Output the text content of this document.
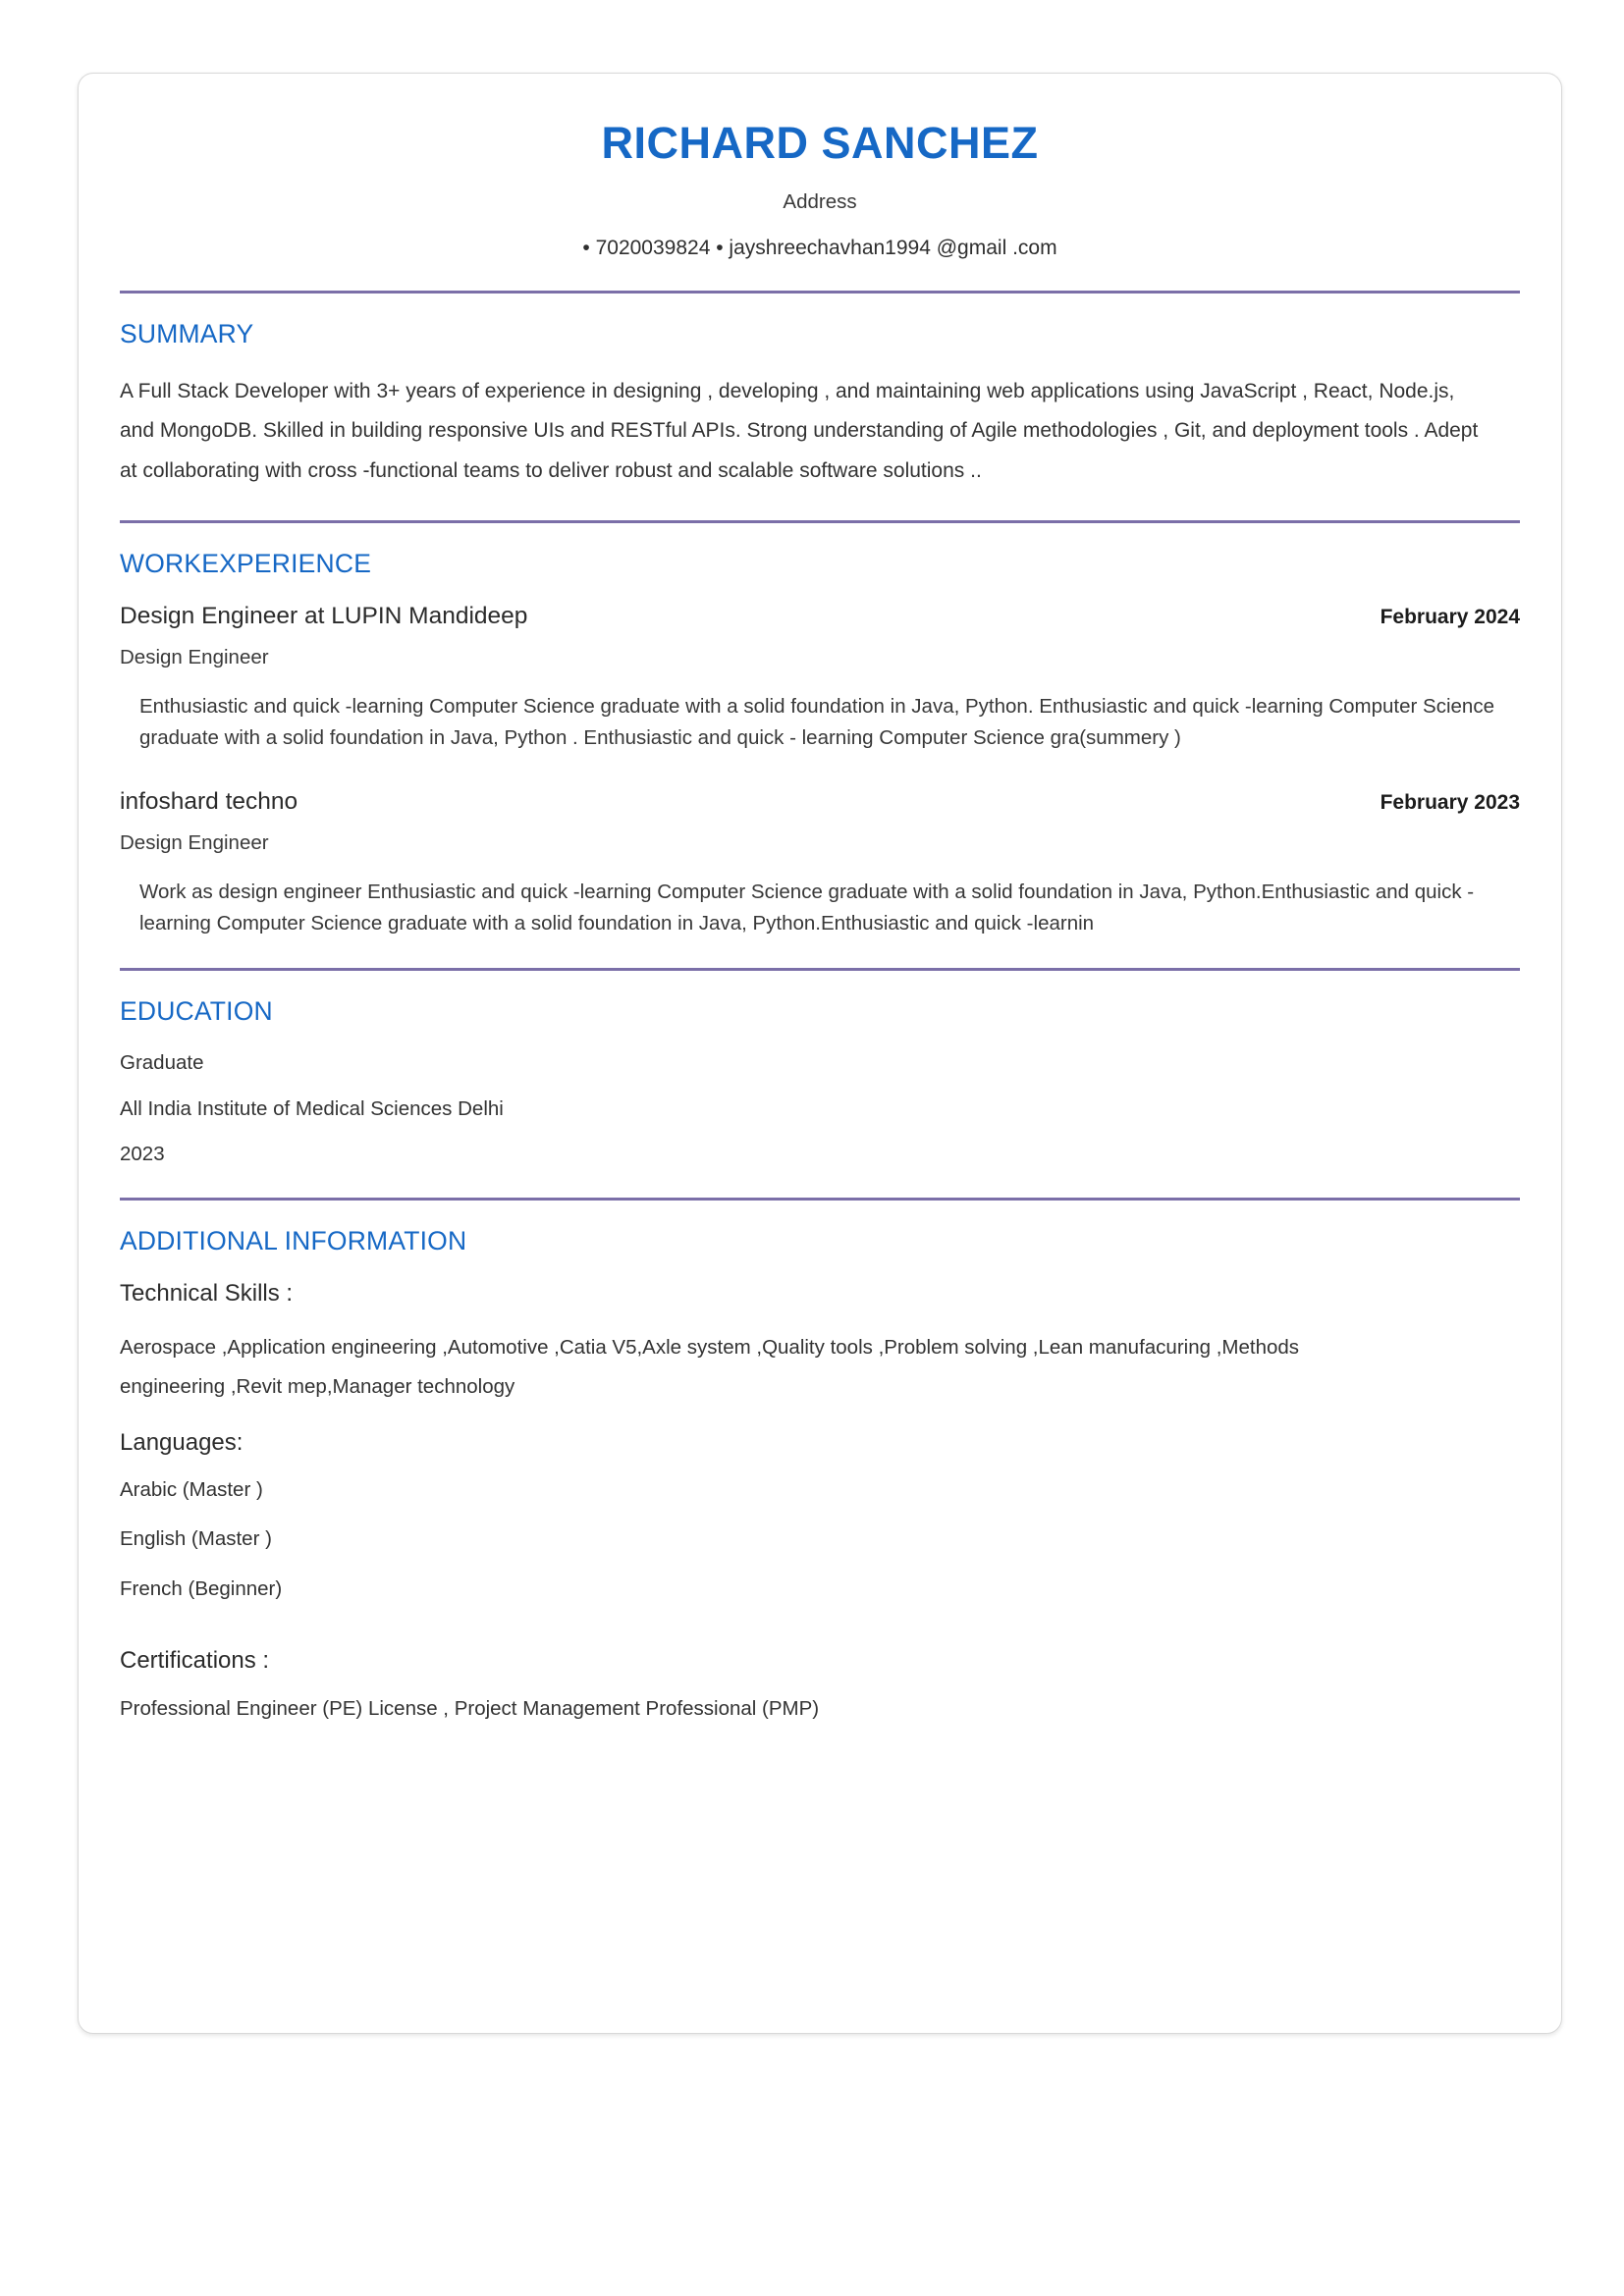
RICHARD SANCHEZ
Address
• 7020039824 • jayshreechavhan1994 @gmail .com
SUMMARY

A Full Stack Developer with 3+ years of experience in designing , developing , and maintaining web applications using JavaScript , React, Node.js, and MongoDB. Skilled in building responsive UIs and RESTful APIs. Strong understanding of Agile methodologies , Git, and deployment tools . Adept at collaborating with cross -functional teams to deliver robust and scalable software solutions ..

WORKEXPERIENCE
Design Engineer at LUPIN Mandideep	February 2024
Design Engineer
Enthusiastic and quick -learning Computer Science graduate with a solid foundation in Java, Python. Enthusiastic and quick -learning Computer Science graduate with a solid foundation in Java, Python . Enthusiastic and quick - learning Computer Science gra(summery )
infoshard techno	February 2023
Design Engineer
Work as design engineer Enthusiastic and quick -learning Computer Science graduate with a solid foundation in Java, Python.Enthusiastic and quick -learning Computer Science graduate with a solid foundation in Java, Python.Enthusiastic and quick -learnin
EDUCATION
Graduate
All India Institute of Medical Sciences Delhi
2023
ADDITIONAL INFORMATION
Technical Skills :

Aerospace ,Application engineering ,Automotive ,Catia V5,Axle system ,Quality tools ,Problem solving ,Lean manufacuring ,Methods engineering ,Revit mep,Manager technology

Languages:
Arabic (Master )
English (Master )
French (Beginner)
Certifications :

Professional Engineer (PE) License , Project Management Professional (PMP)
